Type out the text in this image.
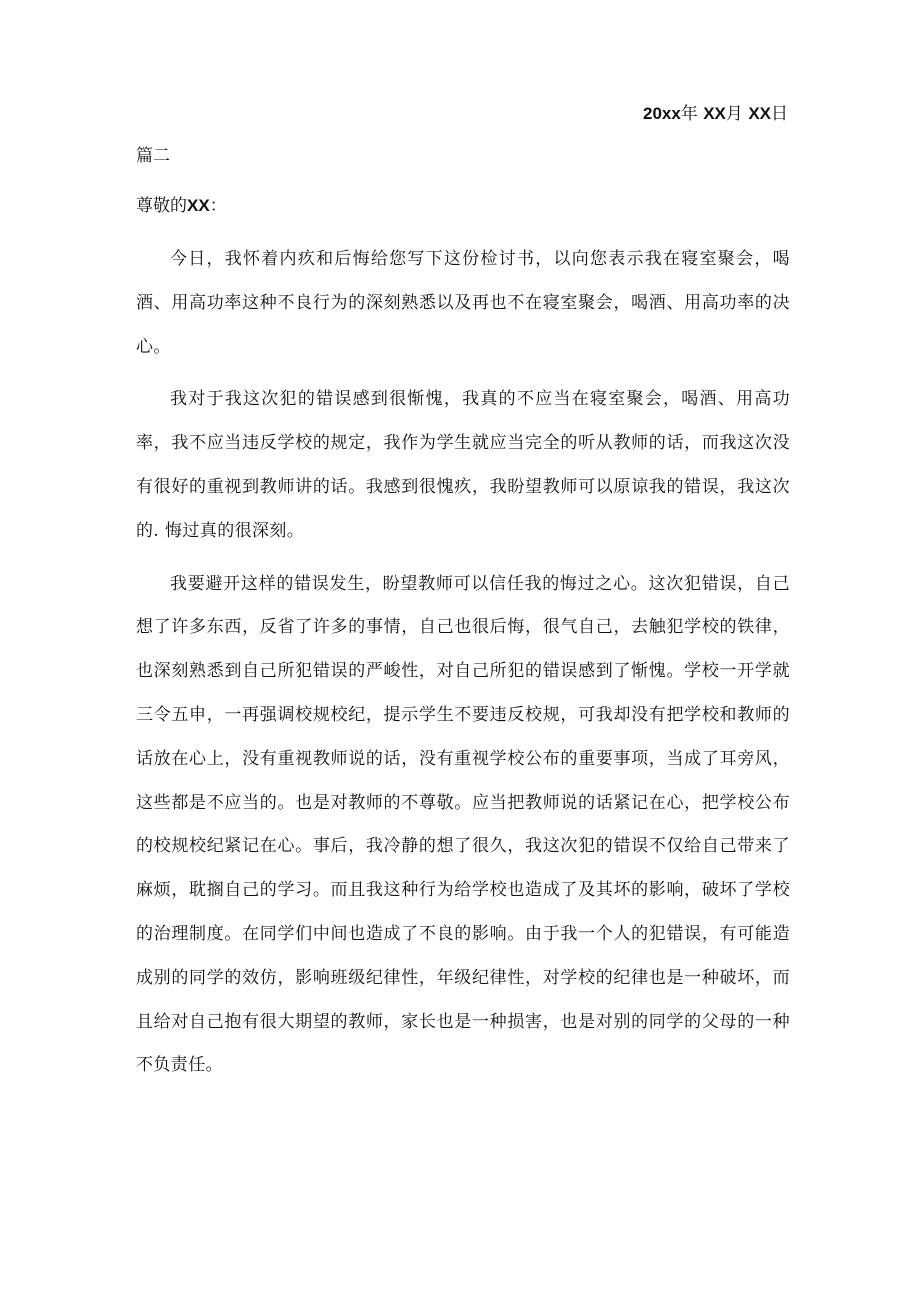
20xx年 XX月 XX日
篇二
尊敬的XX：

今日，我怀着内疚和后悔给您写下这份检讨书，以向您表示我在寝室聚会，喝酒、用高功率这种不良行为的深刻熟悉以及再也不在寝室聚会，喝酒、用高功率的决心。

我对于我这次犯的错误感到很惭愧，我真的不应当在寝室聚会，喝酒、用高功率，我不应当违反学校的规定，我作为学生就应当完全的听从教师的话，而我这次没有很好的重视到教师讲的话。我感到很愧疚，我盼望教师可以原谅我的错误，我这次的. 悔过真的很深刻。

我要避开这样的错误发生，盼望教师可以信任我的悔过之心。这次犯错误，自己想了许多东西，反省了许多的事情，自己也很后悔，很气自己，去触犯学校的铁律，也深刻熟悉到自己所犯错误的严峻性，对自己所犯的错误感到了惭愧。学校一开学就三令五申，一再强调校规校纪，提示学生不要违反校规，可我却没有把学校和教师的话放在心上，没有重视教师说的话，没有重视学校公布的重要事项，当成了耳旁风，这些都是不应当的。也是对教师的不尊敬。应当把教师说的话紧记在心，把学校公布的校规校纪紧记在心。事后，我冷静的想了很久，我这次犯的错误不仅给自己带来了麻烦，耽搁自己的学习。而且我这种行为给学校也造成了及其坏的影响，破坏了学校的治理制度。在同学们中间也造成了不良的影响。由于我一个人的犯错误，有可能造成别的同学的效仿，影响班级纪律性，年级纪律性，对学校的纪律也是一种破坏，而且给对自己抱有很大期望的教师，家长也是一种损害，也是对别的同学的父母的一种不负责任。
